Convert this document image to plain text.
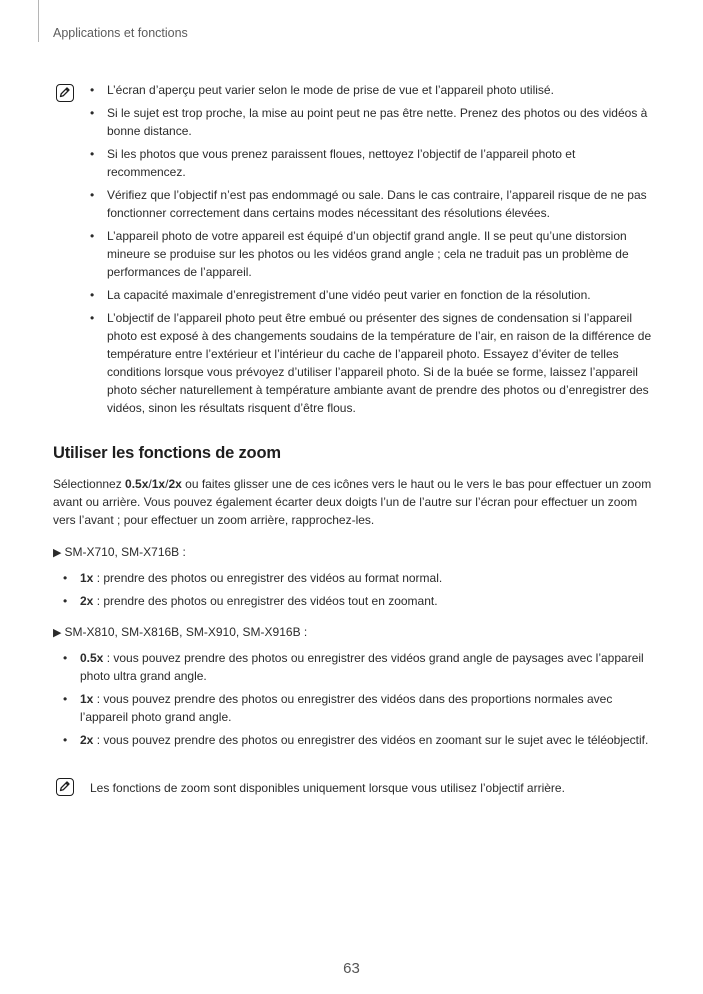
Applications et fonctions
• L’écran d’aperçu peut varier selon le mode de prise de vue et l’appareil photo utilisé.
• Si le sujet est trop proche, la mise au point peut ne pas être nette. Prenez des photos ou des vidéos à bonne distance.
• Si les photos que vous prenez paraissent floues, nettoyez l’objectif de l’appareil photo et recommencez.
• Vérifiez que l’objectif n’est pas endommagé ou sale. Dans le cas contraire, l’appareil risque de ne pas fonctionner correctement dans certains modes nécessitant des résolutions élevées.
• L’appareil photo de votre appareil est équipé d’un objectif grand angle. Il se peut qu’une distorsion mineure se produise sur les photos ou les vidéos grand angle ; cela ne traduit pas un problème de performances de l’appareil.
• La capacité maximale d’enregistrement d’une vidéo peut varier en fonction de la résolution.
• L’objectif de l’appareil photo peut être embué ou présenter des signes de condensation si l’appareil photo est exposé à des changements soudains de la température de l’air, en raison de la différence de température entre l’extérieur et l’intérieur du cache de l’appareil photo. Essayez d’éviter de telles conditions lorsque vous prévoyez d’utiliser l’appareil photo. Si de la buée se forme, laissez l’appareil photo sécher naturellement à température ambiante avant de prendre des photos ou d’enregistrer des vidéos, sinon les résultats risquent d’être flous.
Utiliser les fonctions de zoom

Sélectionnez 0.5x/1x/2x ou faites glisser une de ces icônes vers le haut ou le vers le bas pour effectuer un zoom avant ou arrière. Vous pouvez également écarter deux doigts l’un de l’autre sur l’écran pour effectuer un zoom vers l’avant ; pour effectuer un zoom arrière, rapprochez-les.

▶ SM-X710, SM-X716B :

• 1x : prendre des photos ou enregistrer des vidéos au format normal.
• 2x : prendre des photos ou enregistrer des vidéos tout en zoomant.

▶ SM-X810, SM-X816B, SM-X910, SM-X916B :

• 0.5x : vous pouvez prendre des photos ou enregistrer des vidéos grand angle de paysages avec l’appareil photo ultra grand angle.
• 1x : vous pouvez prendre des photos ou enregistrer des vidéos dans des proportions normales avec l’appareil photo grand angle.
• 2x : vous pouvez prendre des photos ou enregistrer des vidéos en zoomant sur le sujet avec le téléobjectif.

Les fonctions de zoom sont disponibles uniquement lorsque vous utilisez l’objectif arrière.

63
